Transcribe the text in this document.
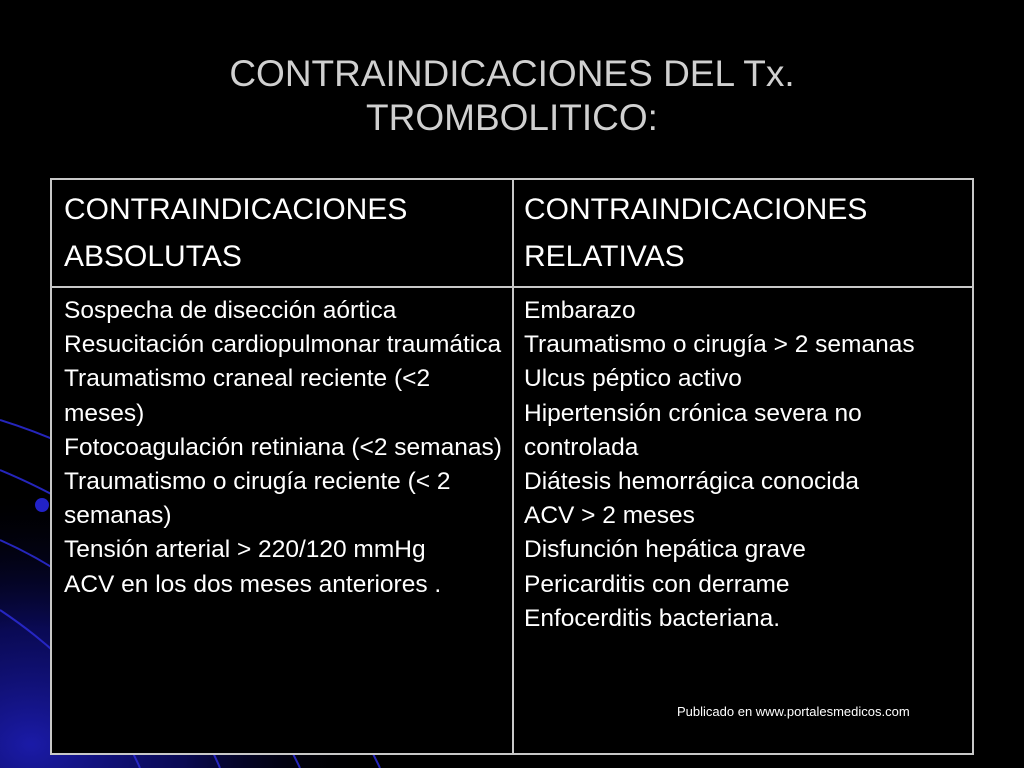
CONTRAINDICACIONES DEL Tx.
TROMBOLITICO:
CONTRAINDICACIONES
ABSOLUTAS
CONTRAINDICACIONES
RELATIVAS
Sospecha de disección aórtica
Resucitación cardiopulmonar traumática
Traumatismo craneal reciente (<2 meses)
Fotocoagulación retiniana (<2 semanas)
Traumatismo o cirugía reciente (< 2 semanas)
Tensión arterial > 220/120 mmHg
ACV en los dos meses anteriores .
Embarazo
Traumatismo o cirugía > 2 semanas
Ulcus péptico activo
Hipertensión crónica severa no controlada
Diátesis hemorrágica conocida
ACV > 2 meses
Disfunción hepática grave
Pericarditis con derrame
Enfocerditis bacteriana.
Publicado en www.portalesmedicos.com
